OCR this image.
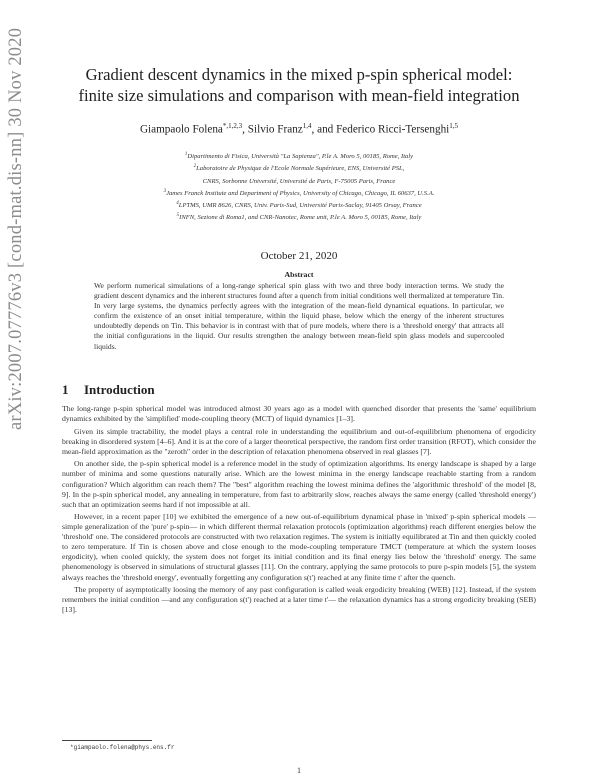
arXiv:2007.07776v3 [cond-mat.dis-nn] 30 Nov 2020	Gradient descent dynamics in the mixed p-spin spherical model:
finite size simulations and comparison with mean-field integration
Giampaolo Folena$^{*,1,2,3}$, Silvio Franz$^{1,4}$, and Federico Ricci-Tersenghi$^{1,5}$
$^1$Dipartimento di Fisica, Università "La Sapienza", P.le A. Moro 5, 00185, Rome, Italy
$^2$Laboratoire de Physique de l'Ecole Normale Supérieure, ENS, Université PSL,
CNRS, Sorbonne Université, Université de Paris, F-75005 Paris, France
$^3$James Franck Institute and Department of Physics, University of Chicago, Chicago, IL 60637, U.S.A.
$^4$LPTMS, UMR 8626, CNRS, Univ. Paris-Sud, Université Paris-Saclay, 91405 Orsay, France
$^5$INFN, Sezione di Roma1, and CNR-Nanotec, Rome unit, P.le A. Moro 5, 00185, Rome, Italy
October 21, 2020
Abstract
We perform numerical simulations of a long-range spherical spin glass with two and three body interaction terms. We study the gradient descent dynamics and the inherent structures found after a quench from initial conditions well thermalized at temperature Tin. In very large systems, the dynamics perfectly agrees with the integration of the mean-field dynamical equations. In particular, we confirm the existence of an onset initial temperature, within the liquid phase, below which the energy of the inherent structures undoubtedly depends on Tin. This behavior is in contrast with that of pure models, where there is a 'threshold energy' that attracts all the initial configurations in the liquid. Our results strengthen the analogy between mean-field spin glass models and supercooled liquids.
1 Introduction

The long-range p-spin spherical model was introduced almost 30 years ago as a model with quenched disorder that presents the 'same' equilibrium dynamics exhibited by the 'simplified' mode-coupling theory (MCT) of liquid dynamics [1–3].

Given its simple tractability, the model plays a central role in understanding the equilibrium and out-of-equilibrium phenomena of ergodicity breaking in disordered system [4–6]. And it is at the core of a larger theoretical perspective, the random first order transition (RFOT), which consider the mean-field approximation as the "zeroth" order in the description of relaxation phenomena observed in real glasses [7].

On another side, the p-spin spherical model is a reference model in the study of optimization algorithms. Its energy landscape is shaped by a large number of minima and some questions naturally arise. Which are the lowest minima in the energy landscape reachable starting from a random configuration? Which algorithm can reach them? The "best" algorithm reaching the lowest minima defines the 'algorithmic threshold' of the model [8, 9]. In the p-spin spherical model, any annealing in temperature, from fast to arbitrarily slow, reaches always the same energy (called 'threshold energy') such that an optimization seems hard if not impossible at all.

However, in a recent paper [10] we exhibited the emergence of a new out-of-equilibrium dynamical phase in 'mixed' p-spin spherical models —simple generalization of the 'pure' p-spin— in which different thermal relaxation protocols (optimization algorithms) reach different energies below the 'threshold' one. The considered protocols are constructed with two relaxation regimes. The system is initially equilibrated at Tin and then quickly cooled to zero temperature. If Tin is chosen above and close enough to the mode-coupling temperature TMCT (temperature at which the system looses ergodicity), when cooled quickly, the system does not forget its initial condition and its final energy lies below the 'threshold' energy. The same phenomenology is observed in simulations of structural glasses [11]. On the contrary, applying the same protocols to pure p-spin models [5], the system always reaches the 'threshold energy', eventually forgetting any configuration s(t') reached at any finite time t' after the quench.

The property of asymptotically loosing the memory of any past configuration is called weak ergodicity breaking (WEB) [12]. Instead, if the system remembers the initial condition —and any configuration s(t') reached at a later time t'— the relaxation dynamics has a strong ergodicity breaking (SEB) [13].

*giampaolo.folena@phys.ens.fr
1
